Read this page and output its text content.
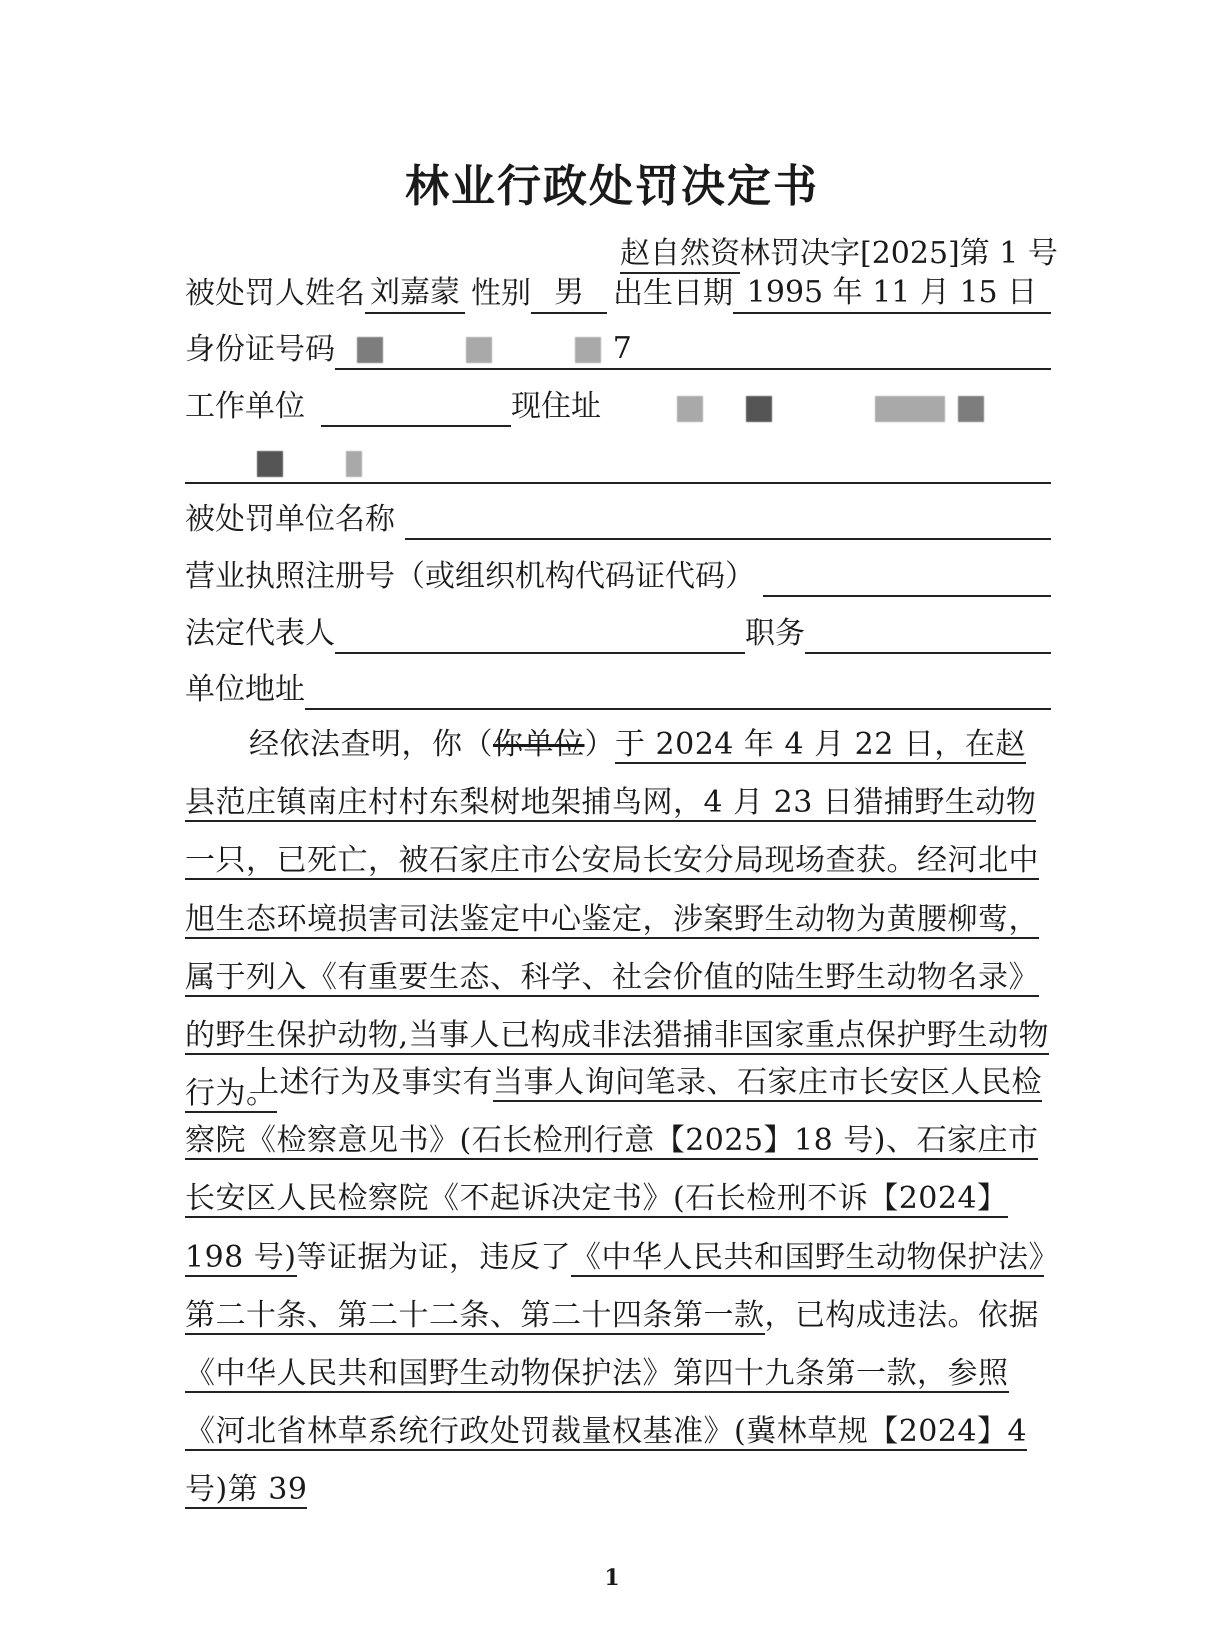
林业行政处罚决定书
赵自然资林罚决字[2025]第 1 号
被处罚人姓名 刘嘉蒙 性别 男 出生日期 1995 年 11 月 15 日
身份证号码	7
工作单位	现住址

被处罚单位名称
营业执照注册号（或组织机构代码证代码）
法定代表人	职务
单位地址
经依法查明，你（你单位）于 2024 年 4 月 22 日，在赵县范庄镇南庄村村东梨树地架捕鸟网，4 月 23 日猎捕野生动物一只，已死亡，被石家庄市公安局长安分局现场查获。经河北中旭生态环境损害司法鉴定中心鉴定，涉案野生动物为黄腰柳莺，属于列入《有重要生态、科学、社会价值的陆生野生动物名录》的野生保护动物,当事人已构成非法猎捕非国家重点保护野生动物行为。
上述行为及事实有当事人询问笔录、石家庄市长安区人民检察院《检察意见书》(石长检刑行意【2025】18 号)、石家庄市长安区人民检察院《不起诉决定书》(石长检刑不诉【2024】198 号)等证据为证，违反了《中华人民共和国野生动物保护法》第二十条、第二十二条、第二十四条第一款，已构成违法。依据《中华人民共和国野生动物保护法》第四十九条第一款，参照《河北省林草系统行政处罚裁量权基准》(冀林草规【2024】4 号)第 39
1
